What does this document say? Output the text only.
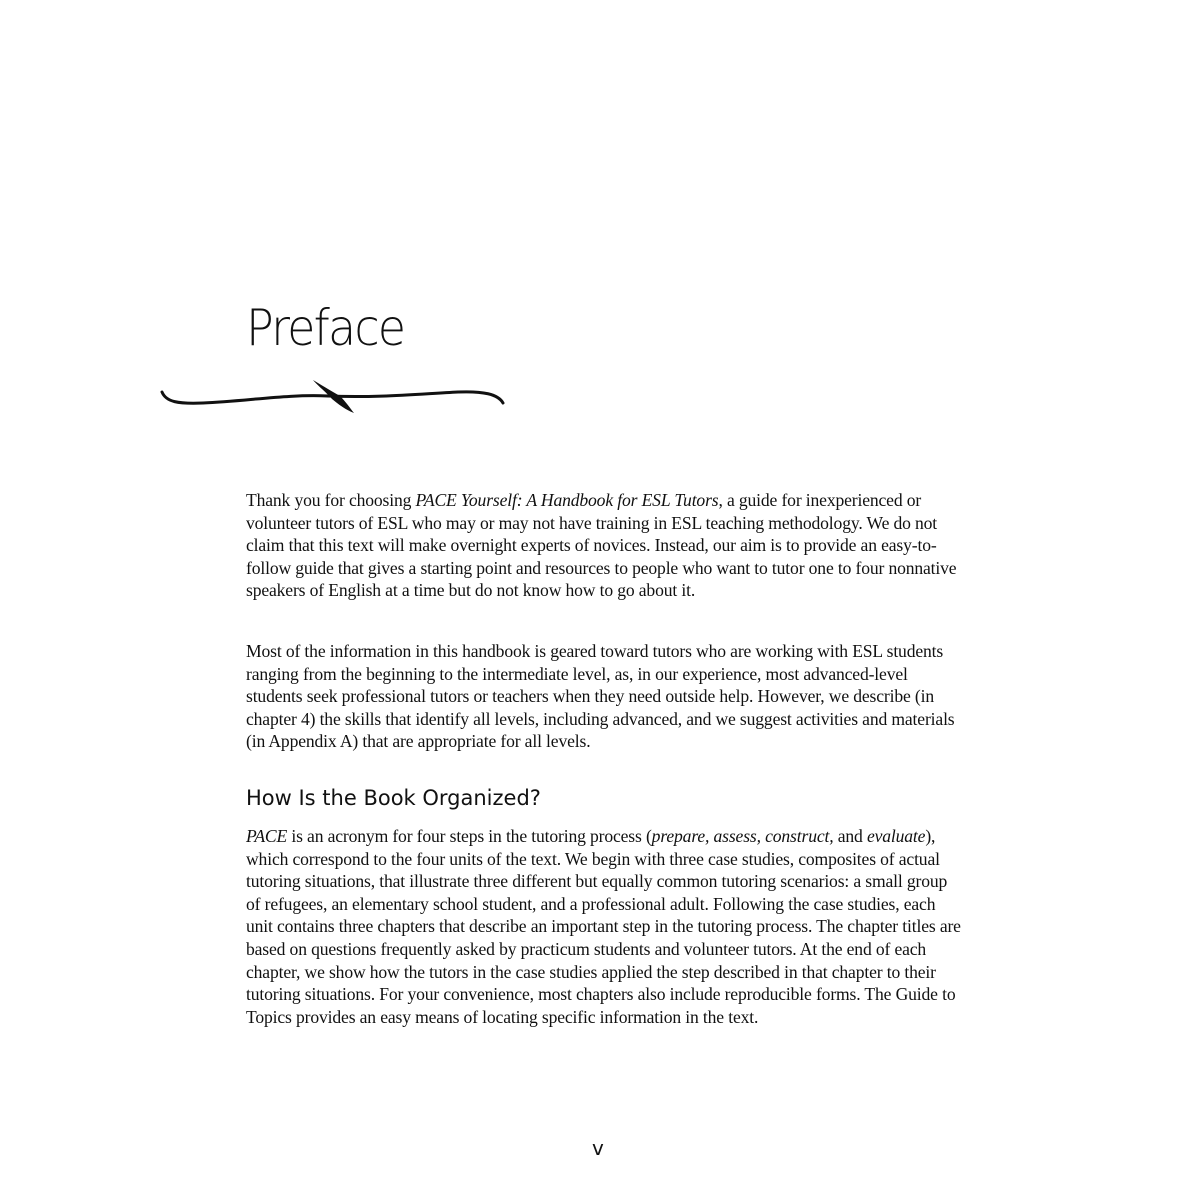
Preface

Thank you for choosing PACE Yourself: A Handbook for ESL Tutors, a guide for inexperienced or volunteer tutors of ESL who may or may not have training in ESL teaching methodology. We do not claim that this text will make overnight experts of novices. Instead, our aim is to provide an easy-to-follow guide that gives a starting point and resources to people who want to tutor one to four nonnative speakers of English at a time but do not know how to go about it.

Most of the information in this handbook is geared toward tutors who are working with ESL students ranging from the beginning to the intermediate level, as, in our experience, most advanced-level students seek professional tutors or teachers when they need outside help. However, we describe (in chapter 4) the skills that identify all levels, including advanced, and we suggest activities and materials (in Appendix A) that are appropriate for all levels.

How Is the Book Organized?

PACE is an acronym for four steps in the tutoring process (prepare, assess, construct, and evaluate), which correspond to the four units of the text. We begin with three case studies, composites of actual tutoring situations, that illustrate three different but equally common tutoring scenarios: a small group of refugees, an elementary school student, and a professional adult. Following the case studies, each unit contains three chapters that describe an important step in the tutoring process. The chapter titles are based on questions frequently asked by practicum students and volunteer tutors. At the end of each chapter, we show how the tutors in the case studies applied the step described in that chapter to their tutoring situations. For your convenience, most chapters also include reproducible forms. The Guide to Topics provides an easy means of locating specific information in the text.

v
